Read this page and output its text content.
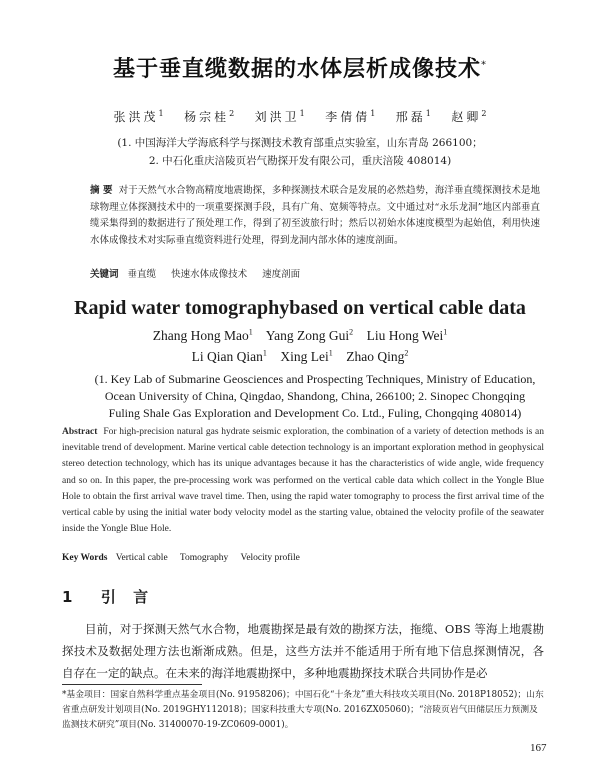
基于垂直缆数据的水体层析成像技术*
张洪茂$^1$ 杨宗桂$^2$ 刘洪卫$^1$ 李倩倩$^1$ 邢磊$^1$ 赵卿$^2$
(1. 中国海洋大学海底科学与探测技术教育部重点实验室，山东青岛 266100；
2. 中石化重庆涪陵页岩气勘探开发有限公司，重庆涪陵 408014)
摘 要 对于天然气水合物高精度地震勘探，多种探测技术联合是发展的必然趋势，海洋垂直缆探测技术是地球物理立体探测技术中的一项重要探测手段，具有广角、宽频等特点。文中通过对“永乐龙洞”地区内部垂直缆采集得到的数据进行了预处理工作，得到了初至波旅行时；然后以初始水体速度模型为起始值，利用快速水体成像技术对实际垂直缆资料进行处理，得到龙洞内部水体的速度剖面。
关键词 垂直缆 快速水体成像技术 速度剖面
Rapid water tomographybased on vertical cable data
Zhang Hong Mao$^1$ Yang Zong Gui$^2$ Liu Hong Wei$^1$
Li Qian Qian$^1$ Xing Lei$^1$ Zhao Qing$^2$
(1. Key Lab of Submarine Geosciences and Prospecting Techniques, Ministry of Education, Ocean University of China, Qingdao, Shandong, China, 266100; 2. Sinopec Chongqing Fuling Shale Gas Exploration and Development Co. Ltd., Fuling, Chongqing 408014)
Abstract For high-precision natural gas hydrate seismic exploration, the combination of a variety of detection methods is an inevitable trend of development. Marine vertical cable detection technology is an important exploration method in geophysical stereo detection technology, which has its unique advantages because it has the characteristics of wide angle, wide frequency and so on. In this paper, the pre-processing work was performed on the vertical cable data which collect in the Yongle Blue Hole to obtain the first arrival wave travel time. Then, using the rapid water tomography to process the first arrival time of the vertical cable by using the initial water body velocity model as the starting value, obtained the velocity profile of the seawater inside the Yongle Blue Hole.
Key Words Vertical cable Tomography Velocity profile
1 引 言
目前，对于探测天然气水合物，地震勘探是最有效的勘探方法，拖缆、OBS 等海上地震勘探技术及数据处理方法也渐渐成熟。但是，这些方法并不能适用于所有地下信息探测情况，各自存在一定的缺点。在未来的海洋地震勘探中，多种地震勘探技术联合共同协作是必
*基金项目：国家自然科学重点基金项目(No. 91958206)；中国石化“十条龙”重大科技攻关项目(No. 2018P18052)；山东省重点研发计划项目(No. 2019GHY112018)；国家科技重大专项(No. 2016ZX05060)；“涪陵页岩气田储层压力预测及监测技术研究”项目(No. 31400070-19-ZC0609-0001)。
167
